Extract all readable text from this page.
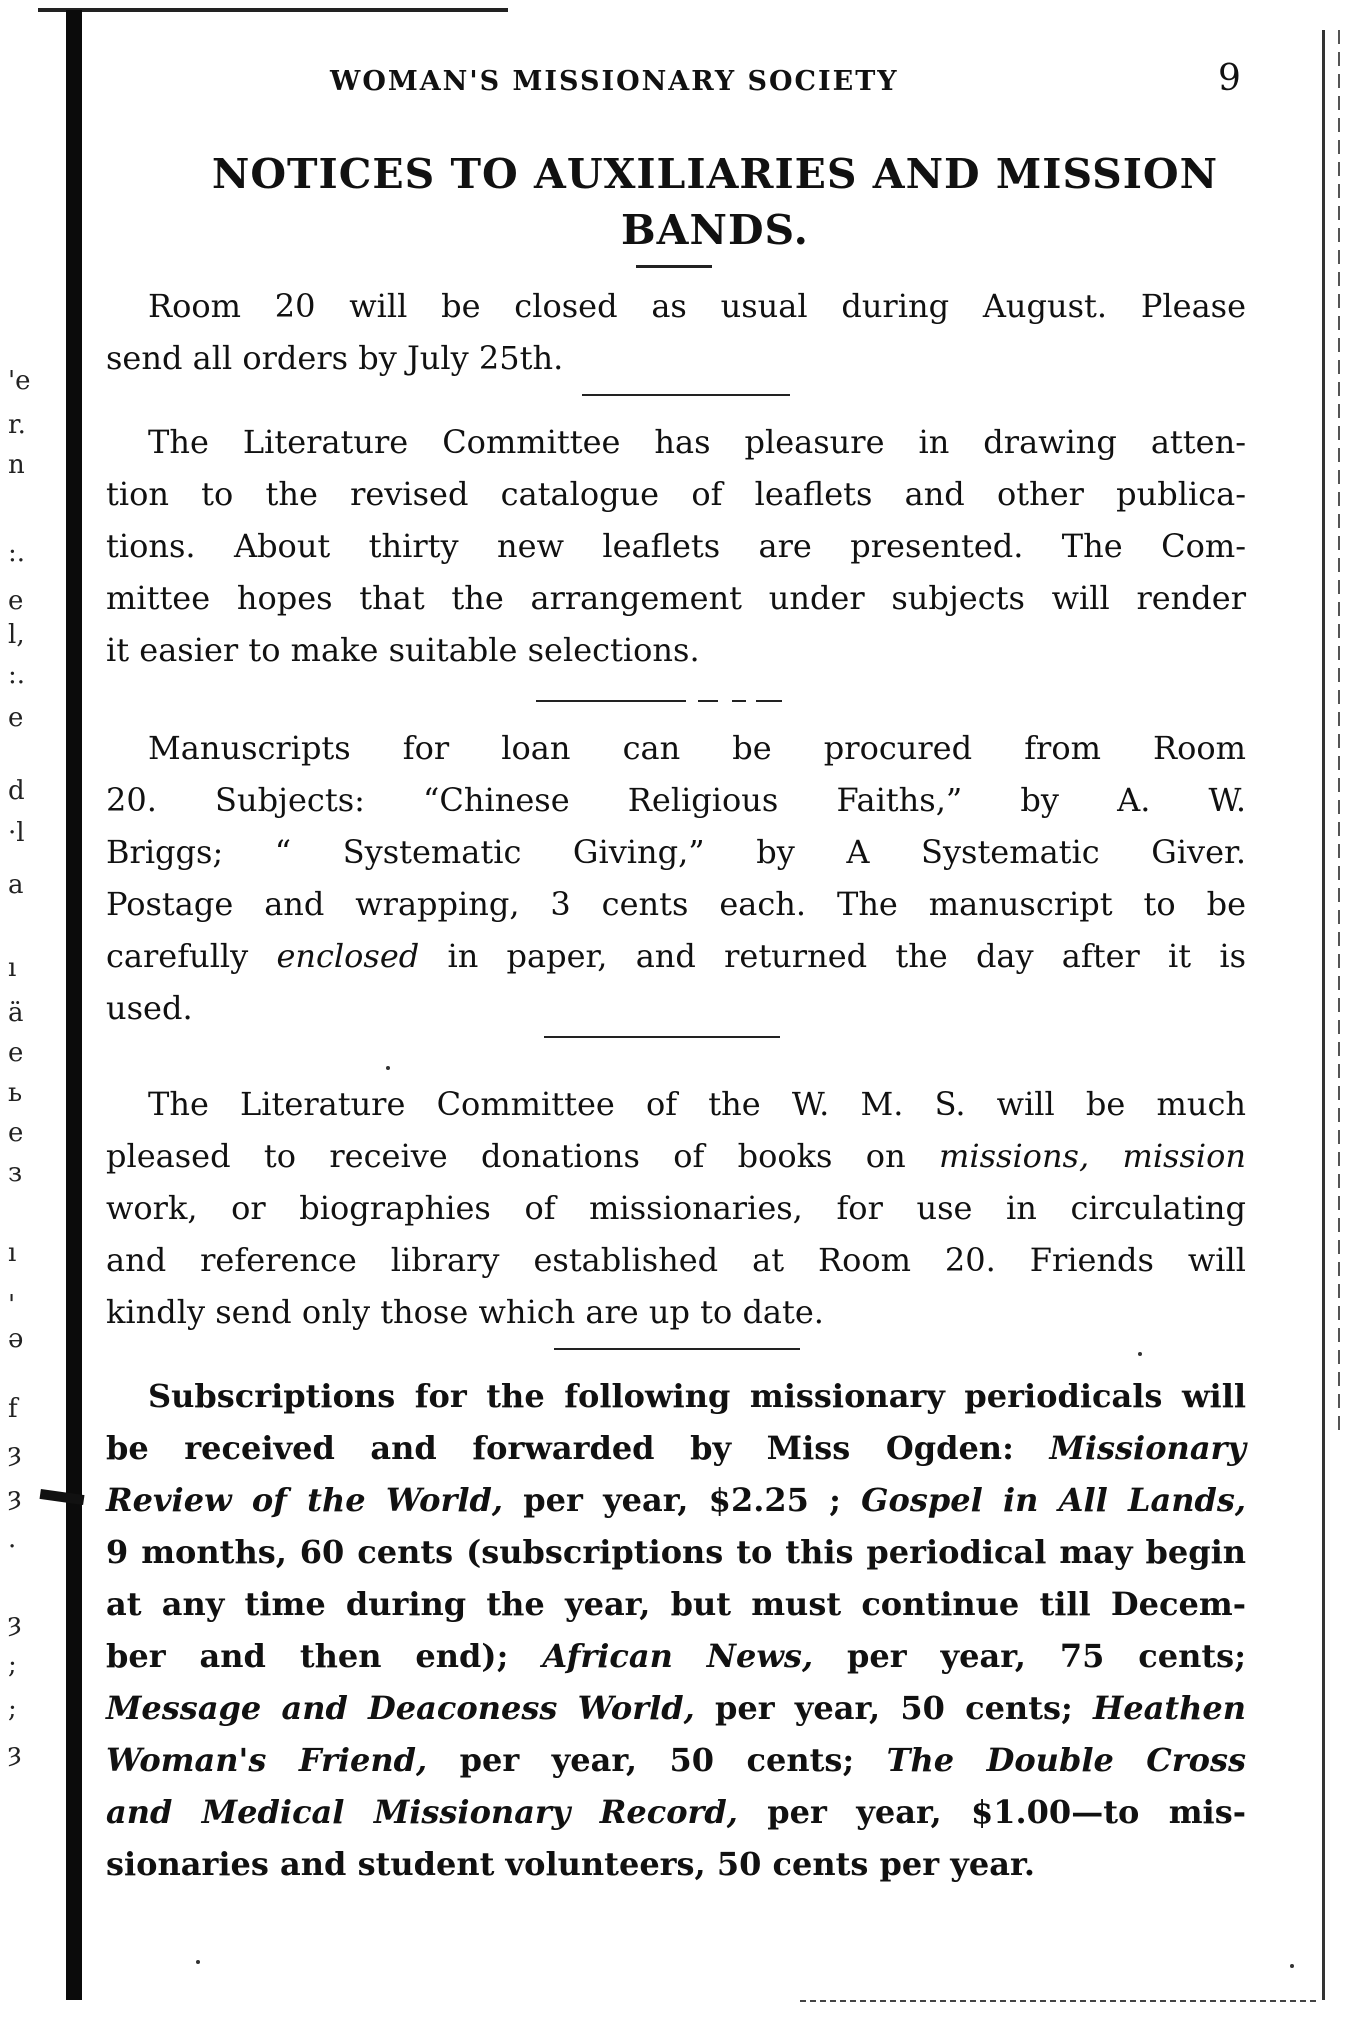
'e
r.
n
:.
e
l,
:.
e
d
·l
a
ı
ä
e
ь
e
з
ı
'
ə
f
ȝ
ȝ
·
ȝ
;
;
ȝ
WOMAN'S MISSIONARY SOCIETY	9
NOTICES TO AUXILIARIES AND MISSION
BANDS.
Room 20 will be closed as usual during August. Please
send all orders by July 25th.
The Literature Committee has pleasure in drawing atten-
tion to the revised catalogue of leaflets and other publica-
tions. About thirty new leaflets are presented. The Com-
mittee hopes that the arrangement under subjects will render
it easier to make suitable selections.
Manuscripts for loan can be procured from Room
20. Subjects: “Chinese Religious Faiths,” by A. W.
Briggs; “ Systematic Giving,” by A Systematic Giver.
Postage and wrapping, 3 cents each. The manuscript to be
carefully enclosed in paper, and returned the day after it is
used.
The Literature Committee of the W. M. S. will be much
pleased to receive donations of books on missions, mission
work, or biographies of missionaries, for use in circulating
and reference library established at Room 20. Friends will
kindly send only those which are up to date.
Subscriptions for the following missionary periodicals will
be received and forwarded by Miss Ogden: Missionary
Review of the World, per year, $2.25 ; Gospel in All Lands,
9 months, 60 cents (subscriptions to this periodical may begin
at any time during the year, but must continue till Decem-
ber and then end); African News, per year, 75 cents;
Message and Deaconess World, per year, 50 cents; Heathen
Woman's Friend, per year, 50 cents; The Double Cross
and Medical Missionary Record, per year, $1.00—to mis-
sionaries and student volunteers, 50 cents per year.
